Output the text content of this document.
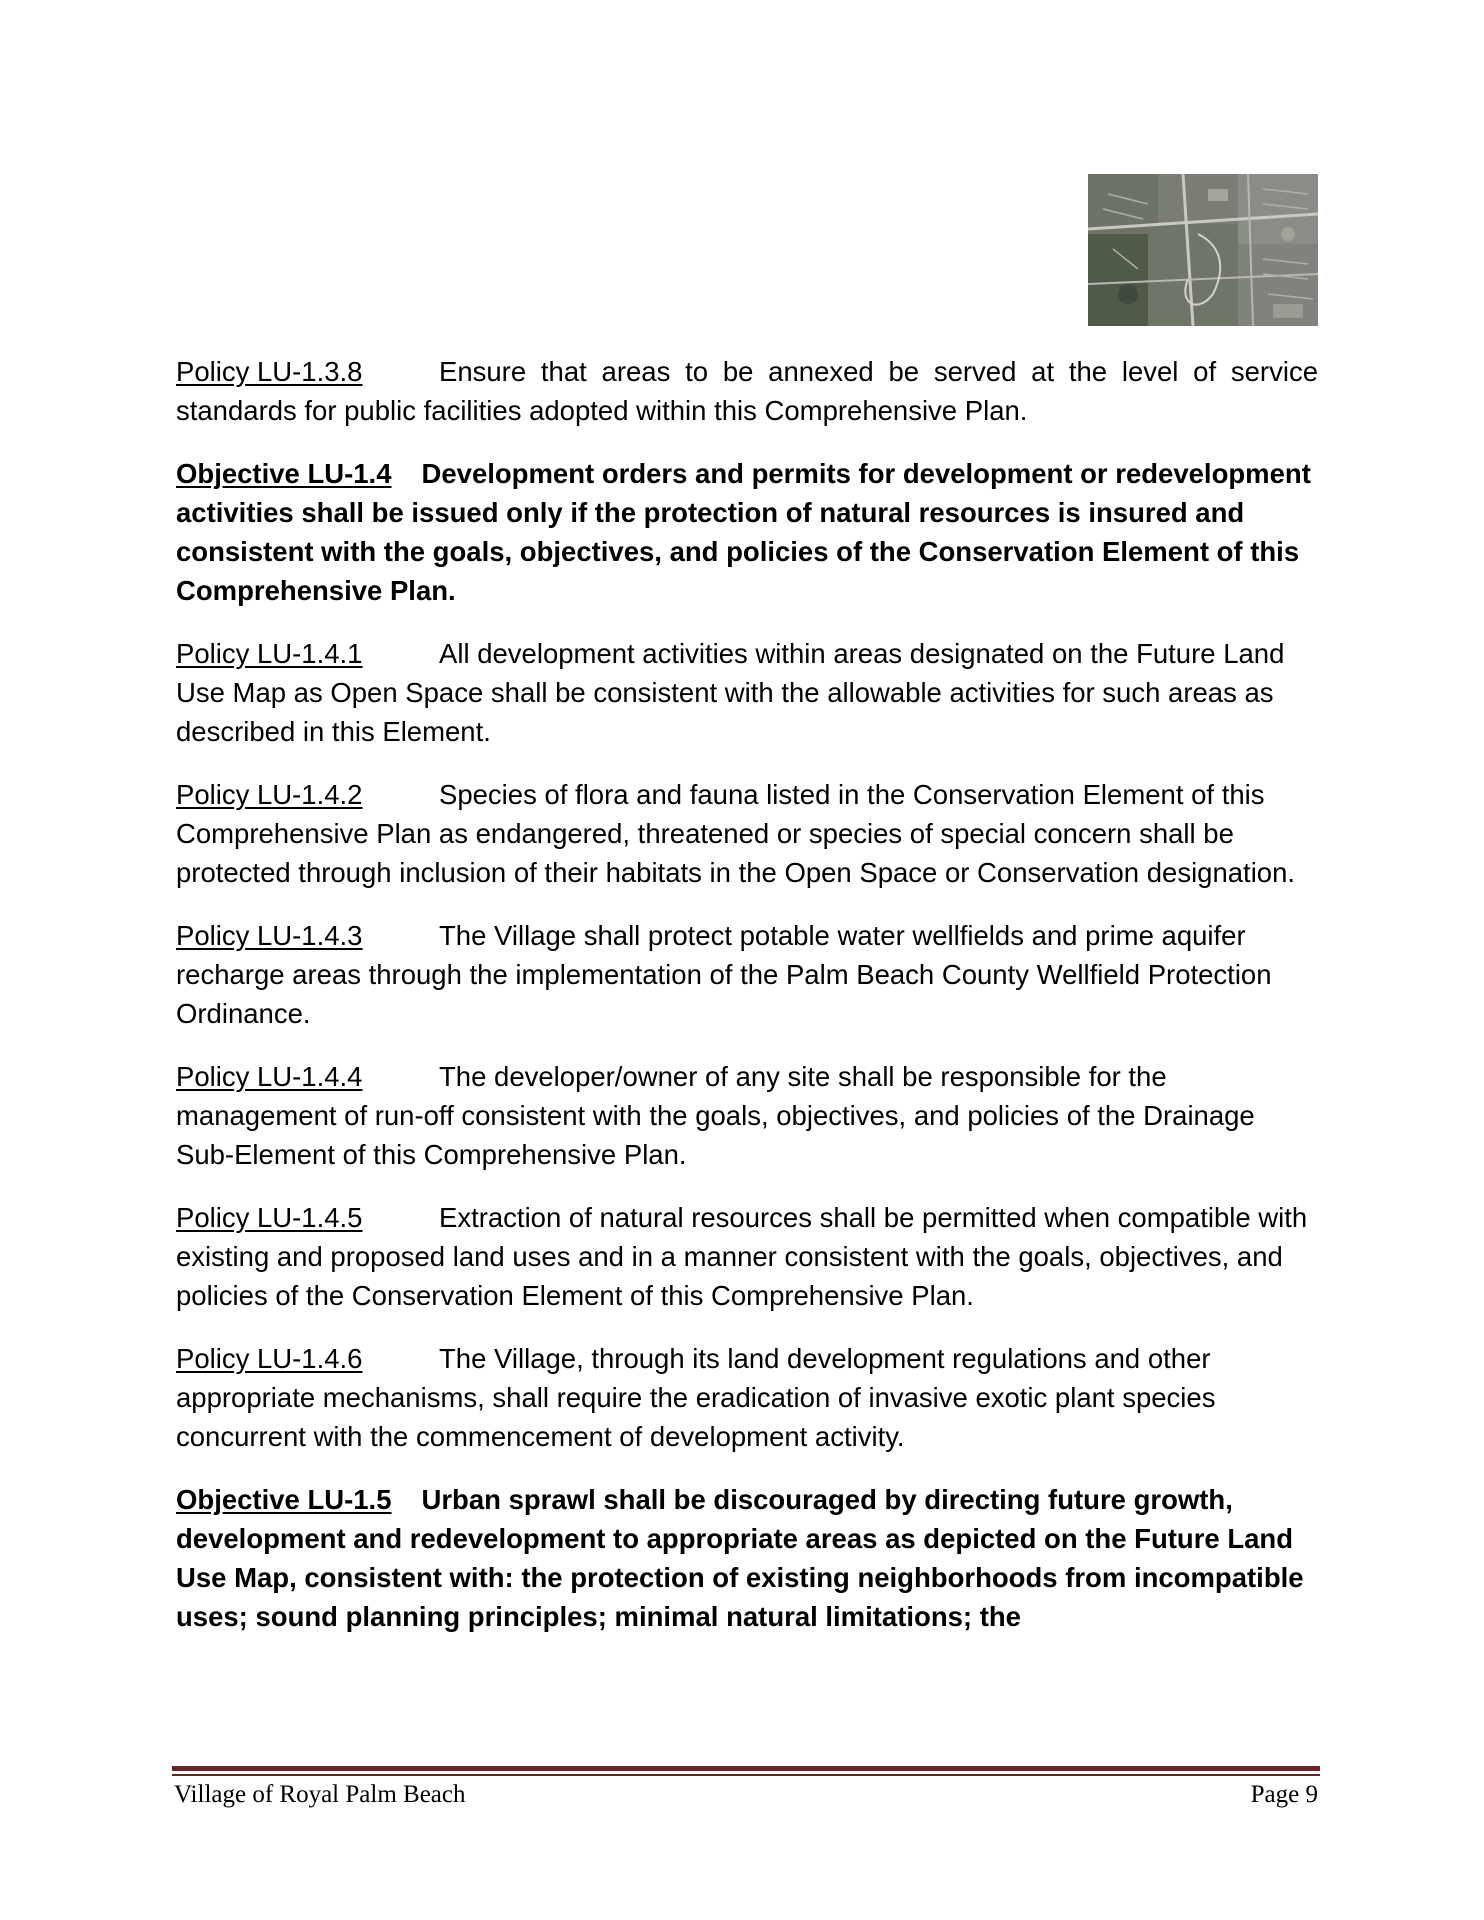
Policy LU-1.3.8	Ensure that areas to be annexed be served at the level of service standards for public facilities adopted within this Comprehensive Plan.

Objective LU-1.4 Development orders and permits for development or redevelopment activities shall be issued only if the protection of natural resources is insured and consistent with the goals, objectives, and policies of the Conservation Element of this Comprehensive Plan.

Policy LU-1.4.1	All development activities within areas designated on the Future Land Use Map as Open Space shall be consistent with the allowable activities for such areas as described in this Element.

Policy LU-1.4.2	Species of flora and fauna listed in the Conservation Element of this Comprehensive Plan as endangered, threatened or species of special concern shall be protected through inclusion of their habitats in the Open Space or Conservation designation.

Policy LU-1.4.3	The Village shall protect potable water wellfields and prime aquifer recharge areas through the implementation of the Palm Beach County Wellfield Protection Ordinance.

Policy LU-1.4.4	The developer/owner of any site shall be responsible for the management of run-off consistent with the goals, objectives, and policies of the Drainage Sub-Element of this Comprehensive Plan.

Policy LU-1.4.5	Extraction of natural resources shall be permitted when compatible with existing and proposed land uses and in a manner consistent with the goals, objectives, and policies of the Conservation Element of this Comprehensive Plan.

Policy LU-1.4.6	The Village, through its land development regulations and other appropriate mechanisms, shall require the eradication of invasive exotic plant species concurrent with the commencement of development activity.

Objective LU-1.5 Urban sprawl shall be discouraged by directing future growth, development and redevelopment to appropriate areas as depicted on the Future Land Use Map, consistent with: the protection of existing neighborhoods from incompatible uses; sound planning principles; minimal natural limitations; the

Village of Royal Palm Beach	Page 9
